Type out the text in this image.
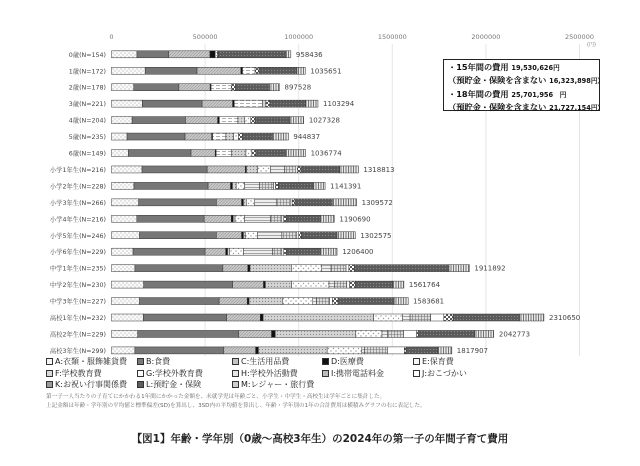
0	500000	1000000	1500000	2000000	2500000
(円)
0歳(N=154)	958436
1歳(N=172)	1035651
2歳(N=178)	897528
3歳(N=221)	1103294
4歳(N=204)	1027328
5歳(N=235)	944837
6歳(N=149)	1036774
小学1年生(N=216)	1318813
小学2年生(N=228)	1141391
小学3年生(N=266)	1309572
小学4年生(N=216)	1190690
小学5年生(N=246)	1302575
小学6年生(N=229)	1206400
中学1年生(N=235)	1911892
中学2年生(N=230)	1561764
中学3年生(N=227)	1583681
高校1年生(N=232)	2310650
高校2年生(N=229)	2042773
高校3年生(N=299)	1817907
・15年間の費用 19,530,626円
（預貯金・保険を含まない 16,323,898円）
・18年間の費用 25,701,956　円
（預貯金・保険を含まない 21,727,154円）
A:衣類・服飾雑貨費 B:食費	C:生活用品費	D:医療費	E:保育費
F:学校教育費	G:学校外教育費	H:学校外活動費	I:携帯電話料金	J:おこづかい
K:お祝い行事関係費 L:預貯金・保険	M:レジャー・旅行費
第一子一人当たりの子育てにかかわる1年間にかかった金額を、未就学児は年齢ごと、小学生・中学生・高校生は学年ごとに集計した。
上記金額は年齢・学年別の平均値と標準偏差(SD)を算出し、3SD内の平均値を算出し、年齢・学年別の1年の合計費用は横積みグラフの右に表記した。
【図1】年齢・学年別（0歳～高校3年生）の2024年の第一子の年間子育て費用
